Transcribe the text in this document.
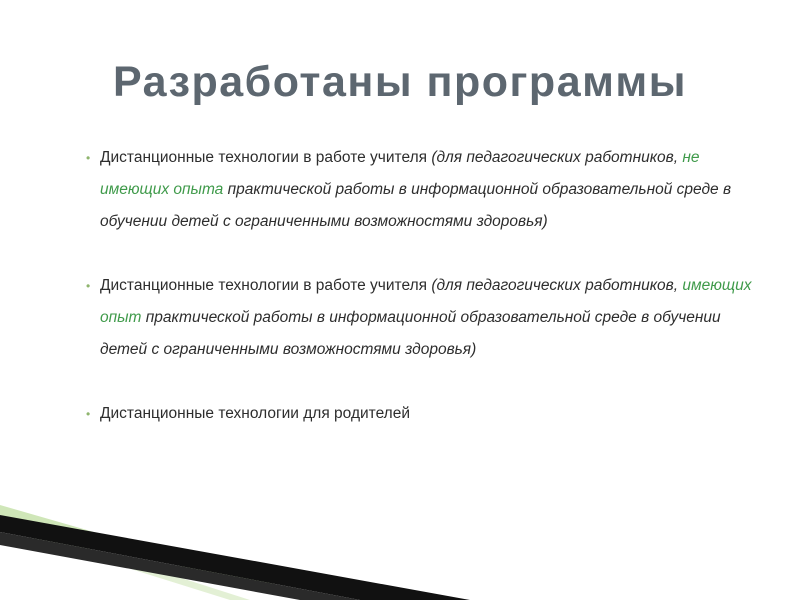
Разработаны программы
• Дистанционные технологии в работе учителя (для педагогических работников, не имеющих опыта практической работы в информационной образовательной среде в обучении детей с ограниченными возможностями здоровья)
• Дистанционные технологии в работе учителя (для педагогических работников, имеющих опыт практической работы в информационной образовательной среде в обучении детей с ограниченными возможностями здоровья)
• Дистанционные технологии для родителей
